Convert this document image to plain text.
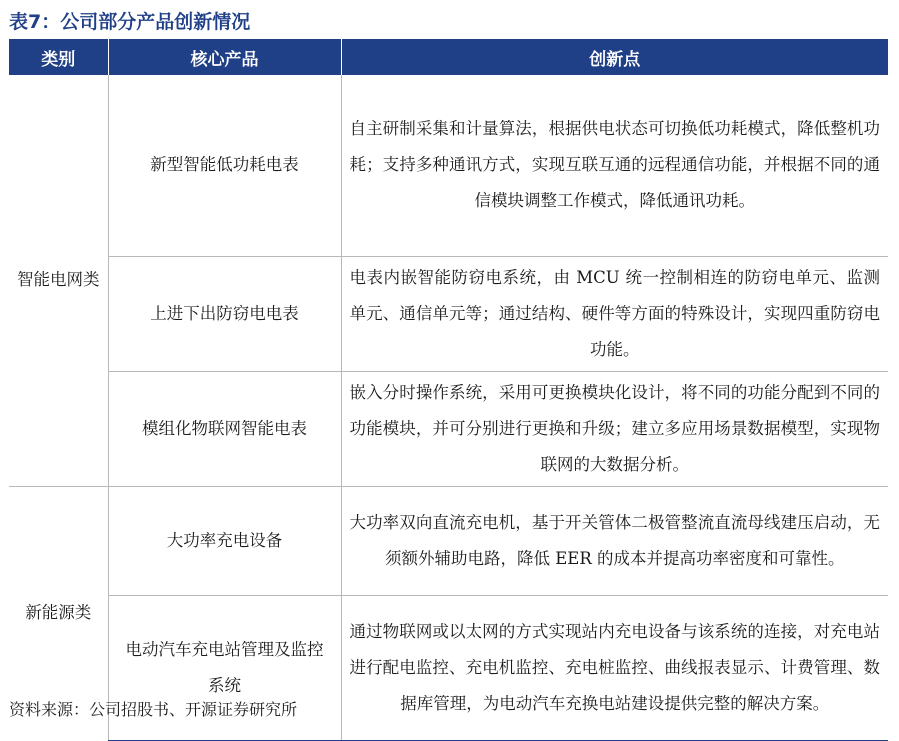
表7：公司部分产品创新情况
类别	核心产品	创新点

智能电网类	新型智能低功耗电表	自主研制采集和计量算法，根据供电状态可切换低功耗模式，降低整机功耗；支持多种通讯方式，实现互联互通的远程通信功能，并根据不同的通信模块调整工作模式，降低通讯功耗。
	上进下出防窃电电表	电表内嵌智能防窃电系统，由 MCU 统一控制相连的防窃电单元、监测单元、通信单元等；通过结构、硬件等方面的特殊设计，实现四重防窃电功能。
	模组化物联网智能电表	嵌入分时操作系统，采用可更换模块化设计，将不同的功能分配到不同的功能模块，并可分别进行更换和升级；建立多应用场景数据模型，实现物联网的大数据分析。

新能源类	大功率充电设备	大功率双向直流充电机，基于开关管体二极管整流直流母线建压启动，无须额外辅助电路，降低 EER 的成本并提高功率密度和可靠性。

	电动汽车充电站管理及监控系统	通过物联网或以太网的方式实现站内充电设备与该系统的连接，对充电站进行配电监控、充电机监控、充电桩监控、曲线报表显示、计费管理、数据库管理，为电动汽车充换电站建设提供完整的解决方案。
资料来源：公司招股书、开源证券研究所
